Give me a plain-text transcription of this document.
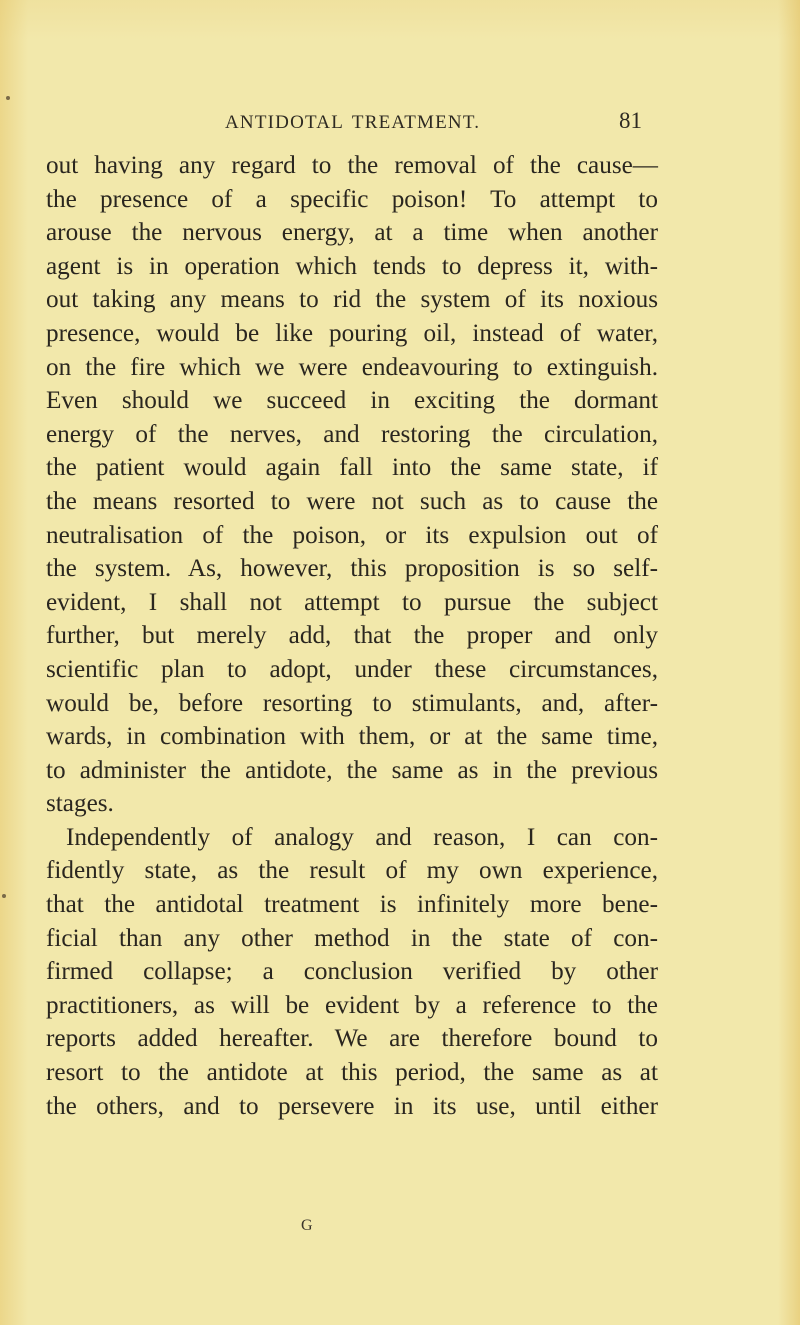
ANTIDOTAL TREATMENT.	81
out having any regard to the removal of the cause—
the presence of a specific poison! To attempt to
arouse the nervous energy, at a time when another
agent is in operation which tends to depress it, with-
out taking any means to rid the system of its noxious
presence, would be like pouring oil, instead of water,
on the fire which we were endeavouring to extinguish.
Even should we succeed in exciting the dormant
energy of the nerves, and restoring the circulation,
the patient would again fall into the same state, if
the means resorted to were not such as to cause the
neutralisation of the poison, or its expulsion out of
the system. As, however, this proposition is so self-
evident, I shall not attempt to pursue the subject
further, but merely add, that the proper and only
scientific plan to adopt, under these circumstances,
would be, before resorting to stimulants, and, after-
wards, in combination with them, or at the same time,
to administer the antidote, the same as in the previous
stages.
Independently of analogy and reason, I can con-
fidently state, as the result of my own experience,
that the antidotal treatment is infinitely more bene-
ficial than any other method in the state of con-
firmed collapse; a conclusion verified by other
practitioners, as will be evident by a reference to the
reports added hereafter. We are therefore bound to
resort to the antidote at this period, the same as at
the others, and to persevere in its use, until either
G
